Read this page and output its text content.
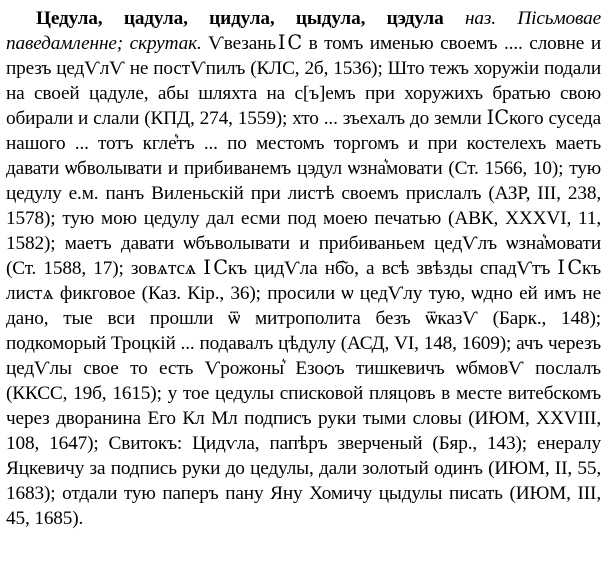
Цедула, цадула, цидула, цыдула, цэдула наз. Пісьмовае паведамленне; скрутак. ѴвезаньⅠⅭ в томъ именью своемъ .... словне и презъ цедѴлѴ не постѴпилъ (КЛС, 2б, 1536); Што тежъ хоружіи подали на своей цадуле, абы шляхта на с[ъ]емъ при хоружихъ братью свою обирали и слали (КПД, 274, 1559); хто ... зъехалъ до земли ⅠⅭкого суседа нашого ... тотъ кгле͛тъ ... по местомъ торгомъ и при костелехъ маеть давати ѡбволывати и прибиванемъ цэдул ѡзна͛мовати (Ст. 1566, 10); тую цедулу е.м. панъ Виленьскій при листѣ своемъ прислалъ (АЗР, III, 238, 1578); тую мою цедулу дал есми под моею печатью (АВК, XXXVI, 11, 1582); маетъ давати ѡбъволывати и прибиваньем цедѴлъ ѡзна͛мовати (Ст. 1588, 17); зовѧтсѧ ⅠⅭкъ цидѴла нб͂о, а всѣ звѣзды спадѴтъ ⅠⅭкъ листѧ фикговое (Каз. Кір., 36); просили ѡ цедѴлу тую, ѡдно ей имъ не дано, тые вси прошли ѿ митрополита безъ ѿказѴ (Барк., 148); подкоморый Троцкій ... подавалъ цѣдулу (АСД, VI, 148, 1609); ачъ черезъ цедѴлы свое то есть Ѵрожоны͛ Езоѻъ тишкевичъ ѡбмовѴ послалъ (ККСС, 19б, 1615); у тое цедулы списковой пляцовъ в месте витебскомъ через дворанина Его Кл Мл подписъ руки тыми словы (ИЮМ, XXVIII, 108, 1647); Свитокъ: Цидѵла, папѣръ зверченый (Бяр., 143); енералу Яцкевичу за подпись руки до цедулы, дали золотый одинъ (ИЮМ, II, 55, 1683); отдали тую паперъ пану Яну Хомичу цыдулы писать (ИЮМ, III, 45, 1685).
